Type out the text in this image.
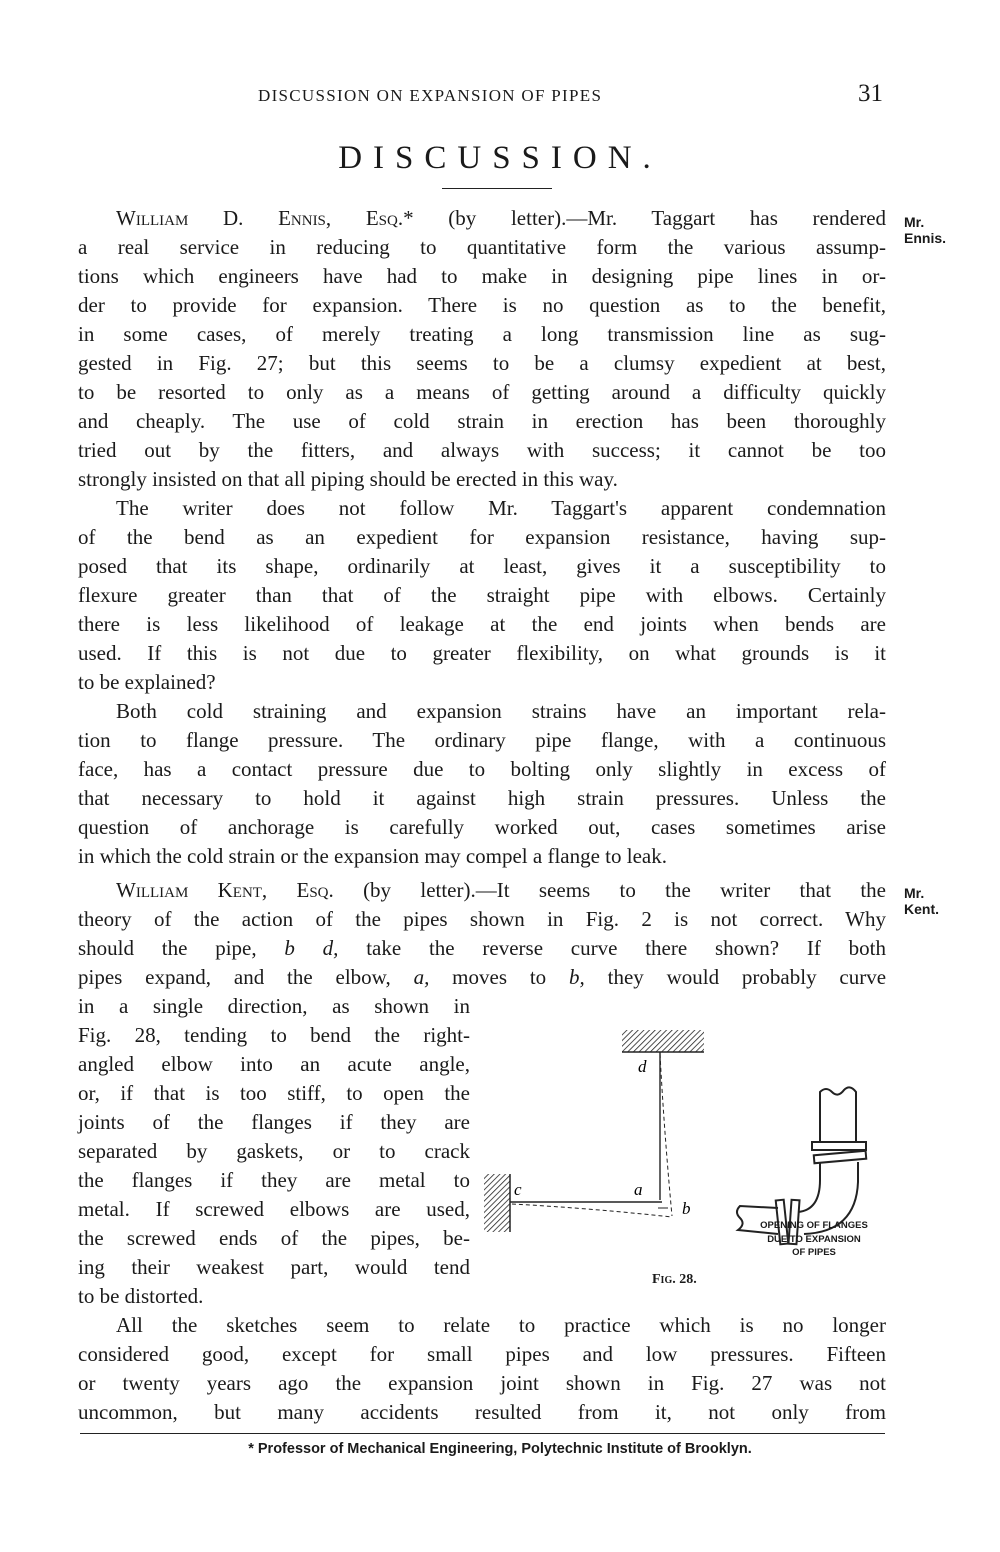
DISCUSSION ON EXPANSION OF PIPES	31
DISCUSSION.
Mr.
Ennis.
Mr.
Kent.
William D. Ennis, Esq.* (by letter).—Mr. Taggart has rendered
a real service in reducing to quantitative form the various assump-
tions which engineers have had to make in designing pipe lines in or-
der to provide for expansion. There is no question as to the benefit,
in some cases, of merely treating a long transmission line as sug-
gested in Fig. 27; but this seems to be a clumsy expedient at best,
to be resorted to only as a means of getting around a difficulty quickly
and cheaply. The use of cold strain in erection has been thoroughly
tried out by the fitters, and always with success; it cannot be too
strongly insisted on that all piping should be erected in this way.
The writer does not follow Mr. Taggart's apparent condemnation
of the bend as an expedient for expansion resistance, having sup-
posed that its shape, ordinarily at least, gives it a susceptibility to
flexure greater than that of the straight pipe with elbows. Certainly
there is less likelihood of leakage at the end joints when bends are
used. If this is not due to greater flexibility, on what grounds is it
to be explained?
Both cold straining and expansion strains have an important rela-
tion to flange pressure. The ordinary pipe flange, with a continuous
face, has a contact pressure due to bolting only slightly in excess of
that necessary to hold it against high strain pressures. Unless the
question of anchorage is carefully worked out, cases sometimes arise
in which the cold strain or the expansion may compel a flange to leak.
William Kent, Esq. (by letter).—It seems to the writer that the
theory of the action of the pipes shown in Fig. 2 is not correct. Why
should the pipe, b d, take the reverse curve there shown? If both
pipes expand, and the elbow, a, moves to b, they would probably curve
in a single direction, as shown in
Fig. 28, tending to bend the right-
angled elbow into an acute angle,
or, if that is too stiff, to open the
joints of the flanges if they are
separated by gaskets, or to crack
the flanges if they are metal to
metal. If screwed elbows are used,
the screwed ends of the pipes, be-
ing their weakest part, would tend
to be distorted.
All the sketches seem to relate to practice which is no longer
considered good, except for small pipes and low pressures. Fifteen
or twenty years ago the expansion joint shown in Fig. 27 was not
uncommon, but many accidents resulted from it, not only from
d
c	a
b
OPENING OF FLANGES
DUE TO EXPANSION
OF PIPES
Fig. 28.
* Professor of Mechanical Engineering, Polytechnic Institute of Brooklyn.
